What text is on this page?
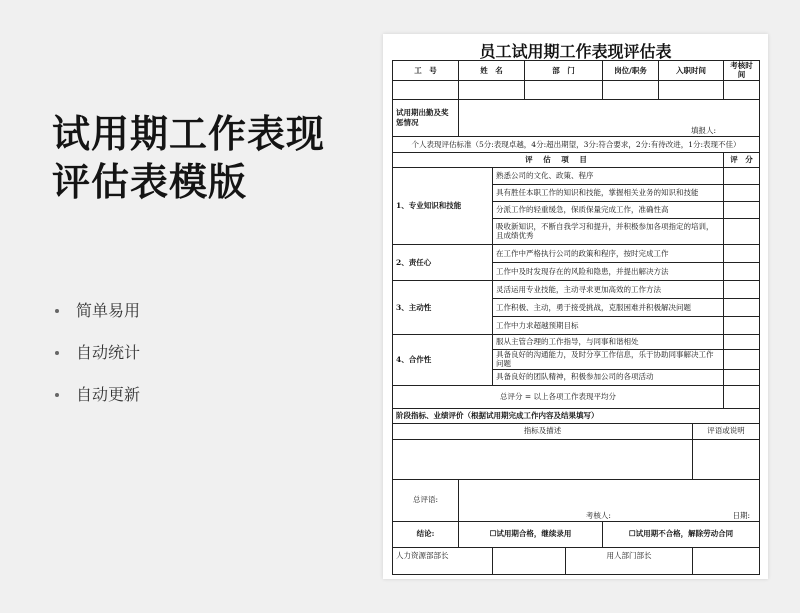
试用期工作表现
评估表模版
简单易用
自动统计
自动更新
员工试用期工作表现评估表
工　号	姓　名		部　门		岗位/职务	入职时间		考核时间

试用期出勤及奖惩情况	填报人:							

个人表现评估标准（5分:表现卓越，4分:超出期望，3分:符合要求，2分:有待改进，1分:表现不佳）								
评 估 项 目								评　分
1、专业知识和技能		熟悉公司的文化、政策、程序						
		具有胜任本职工作的知识和技能，掌握相关业务的知识和技能						
		分派工作的轻重缓急，保质保量完成工作，准确性高						
		吸收新知识，不断自我学习和提升，并积极参加各项指定的培训，且成绩优秀						
2、责任心		在工作中严格执行公司的政策和程序，按时完成工作						
		工作中及时发现存在的风险和隐患，并提出解决方法						
3、主动性		灵活运用专业技能，主动寻求更加高效的工作方法						
		工作积极、主动，勇于接受挑战，克服困难并积极解决问题						
		工作中力求超越预期目标						
4、合作性		服从主管合理的工作指导，与同事和谐相处						
		具备良好的沟通能力，及时分享工作信息，乐于协助同事解决工作问题						
		具备良好的团队精神，积极参加公司的各项活动						
总评分 = 以上各项工作表现平均分								
阶段指标、业绩评价（根据试用期完成工作内容及结果填写）								
指标及描述							评语或说明	

总评语:	考核人: 日期:							

结论:	☐试用期合格，继续录用				☐试用期不合格，解除劳动合同			
人力资源部部长				用人部门部长				
